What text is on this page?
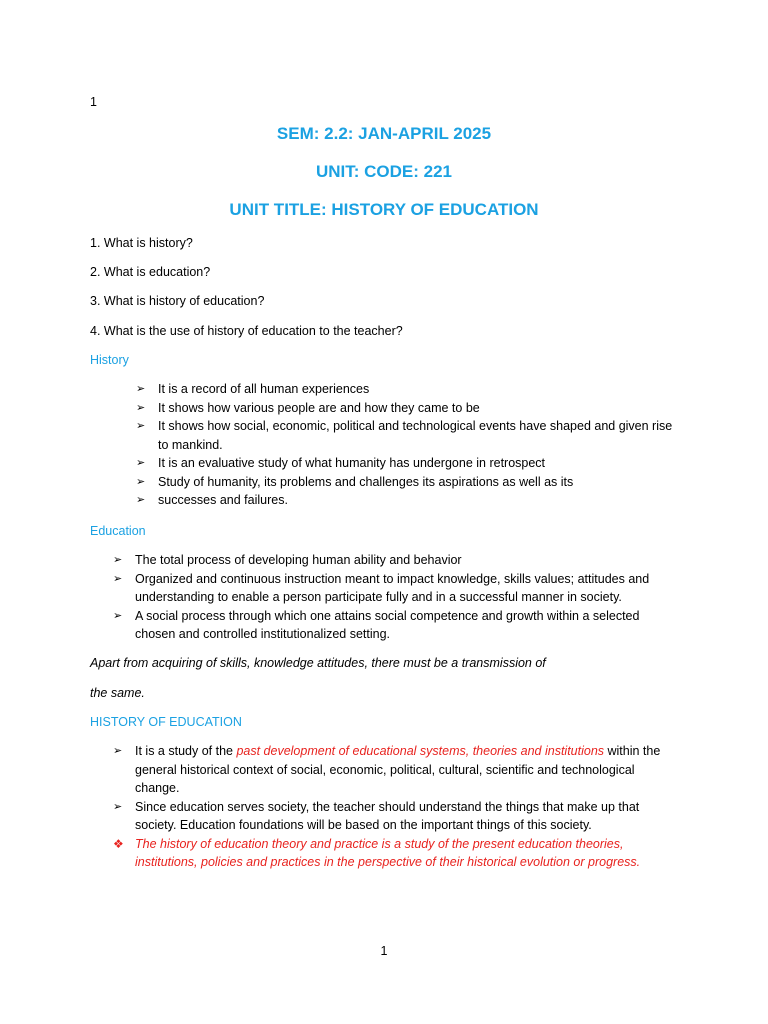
1
SEM: 2.2: JAN-APRIL 2025
UNIT: CODE: 221
UNIT TITLE: HISTORY OF EDUCATION
1. What is history?
2. What is education?
3. What is history of education?
4. What is the use of history of education to the teacher?
History
➢ It is a record of all human experiences
➢ It shows how various people are and how they came to be
➢ It shows how social, economic, political and technological events have shaped and given rise to mankind.
➢ It is an evaluative study of what humanity has undergone in retrospect
➢ Study of humanity, its problems and challenges its aspirations as well as its
➢ successes and failures.
Education
➢ The total process of developing human ability and behavior
➢ Organized and continuous instruction meant to impact knowledge, skills values; attitudes and understanding to enable a person participate fully and in a successful manner in society.
➢ A social process through which one attains social competence and growth within a selected chosen and controlled institutionalized setting.
Apart from acquiring of skills, knowledge attitudes, there must be a transmission of
the same.
HISTORY OF EDUCATION
➢ It is a study of the past development of educational systems, theories and institutions within the general historical context of social, economic, political, cultural, scientific and technological change.
➢ Since education serves society, the teacher should understand the things that make up that society. Education foundations will be based on the important things of this society.
❖ The history of education theory and practice is a study of the present education theories, institutions, policies and practices in the perspective of their historical evolution or progress.
1
